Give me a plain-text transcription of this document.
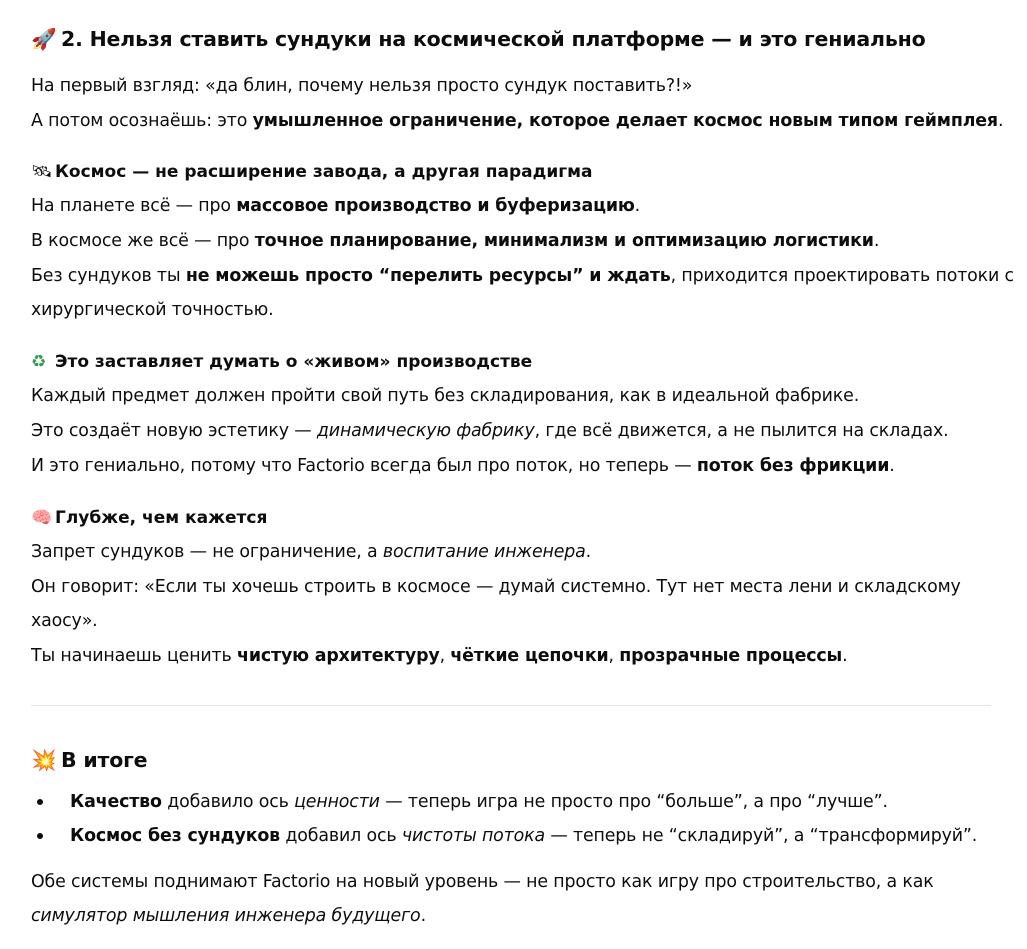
🚀 2. Нельзя ставить сундуки на космической платформе — и это гениально
На первый взгляд: «да блин, почему нельзя просто сундук поставить?!»
А потом осознаёшь: это умышленное ограничение, которое делает космос новым типом геймплея.
🛰 Космос — не расширение завода, а другая парадигма
На планете всё — про массовое производство и буферизацию.
В космосе же всё — про точное планирование, минимализм и оптимизацию логистики.
Без сундуков ты не можешь просто “перелить ресурсы” и ждать, приходится проектировать потоки с
хирургической точностью.
♻ Это заставляет думать о «живом» производстве
Каждый предмет должен пройти свой путь без складирования, как в идеальной фабрике.
Это создаёт новую эстетику — динамическую фабрику, где всё движется, а не пылится на складах.
И это гениально, потому что Factorio всегда был про поток, но теперь — поток без фрикции.
🧠 Глубже, чем кажется
Запрет сундуков — не ограничение, а воспитание инженера.
Он говорит: «Если ты хочешь строить в космосе — думай системно. Тут нет места лени и складскому
хаосу».
Ты начинаешь ценить чистую архитектуру, чёткие цепочки, прозрачные процессы.
💥 В итоге
Качество добавило ось ценности — теперь игра не просто про “больше”, а про “лучше”.
Космос без сундуков добавил ось чистоты потока — теперь не “складируй”, а “трансформируй”.
Обе системы поднимают Factorio на новый уровень — не просто как игру про строительство, а как
симулятор мышления инженера будущего.
